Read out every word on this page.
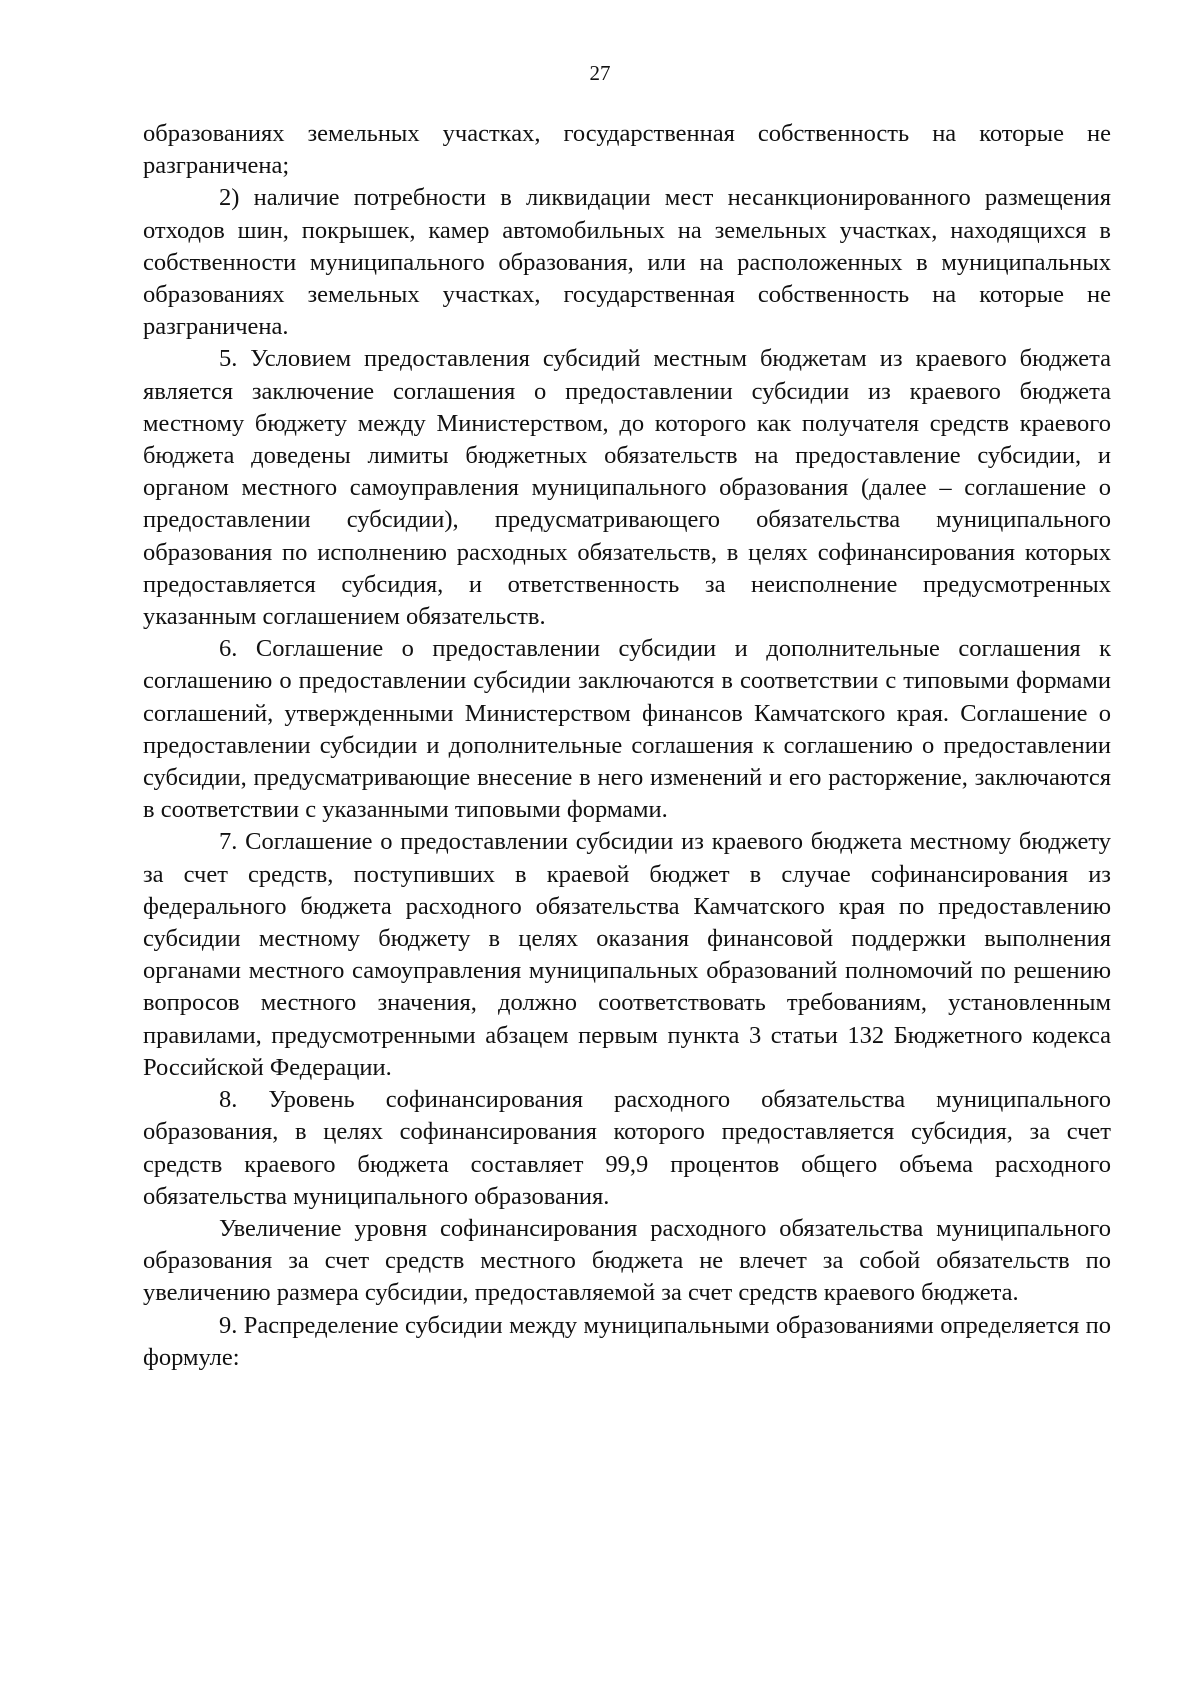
27

образованиях земельных участках, государственная собственность на которые не разграничена;

2) наличие потребности в ликвидации мест несанкционированного размещения отходов шин, покрышек, камер автомобильных на земельных участках, находящихся в собственности муниципального образования, или на расположенных в муниципальных образованиях земельных участках, государственная собственность на которые не разграничена.

5. Условием предоставления субсидий местным бюджетам из краевого бюджета является заключение соглашения о предоставлении субсидии из краевого бюджета местному бюджету между Министерством, до которого как получателя средств краевого бюджета доведены лимиты бюджетных обязательств на предоставление субсидии, и органом местного самоуправления муниципального образования (далее – соглашение о предоставлении субсидии), предусматривающего обязательства муниципального образования по исполнению расходных обязательств, в целях софинансирования которых предоставляется субсидия, и ответственность за неисполнение предусмотренных указанным соглашением обязательств.

6. Соглашение о предоставлении субсидии и дополнительные соглашения к соглашению о предоставлении субсидии заключаются в соответствии с типовыми формами соглашений, утвержденными Министерством финансов Камчатского края. Соглашение о предоставлении субсидии и дополнительные соглашения к соглашению о предоставлении субсидии, предусматривающие внесение в него изменений и его расторжение, заключаются в соответствии с указанными типовыми формами.

7. Соглашение о предоставлении субсидии из краевого бюджета местному бюджету за счет средств, поступивших в краевой бюджет в случае софинансирования из федерального бюджета расходного обязательства Камчатского края по предоставлению субсидии местному бюджету в целях оказания финансовой поддержки выполнения органами местного самоуправления муниципальных образований полномочий по решению вопросов местного значения, должно соответствовать требованиям, установленным правилами, предусмотренными абзацем первым пункта 3 статьи 132 Бюджетного кодекса Российской Федерации.

8. Уровень софинансирования расходного обязательства муниципального образования, в целях софинансирования которого предоставляется субсидия, за счет средств краевого бюджета составляет 99,9 процентов общего объема расходного обязательства муниципального образования.

Увеличение уровня софинансирования расходного обязательства муниципального образования за счет средств местного бюджета не влечет за собой обязательств по увеличению размера субсидии, предоставляемой за счет средств краевого бюджета.

9. Распределение субсидии между муниципальными образованиями определяется по формуле:
